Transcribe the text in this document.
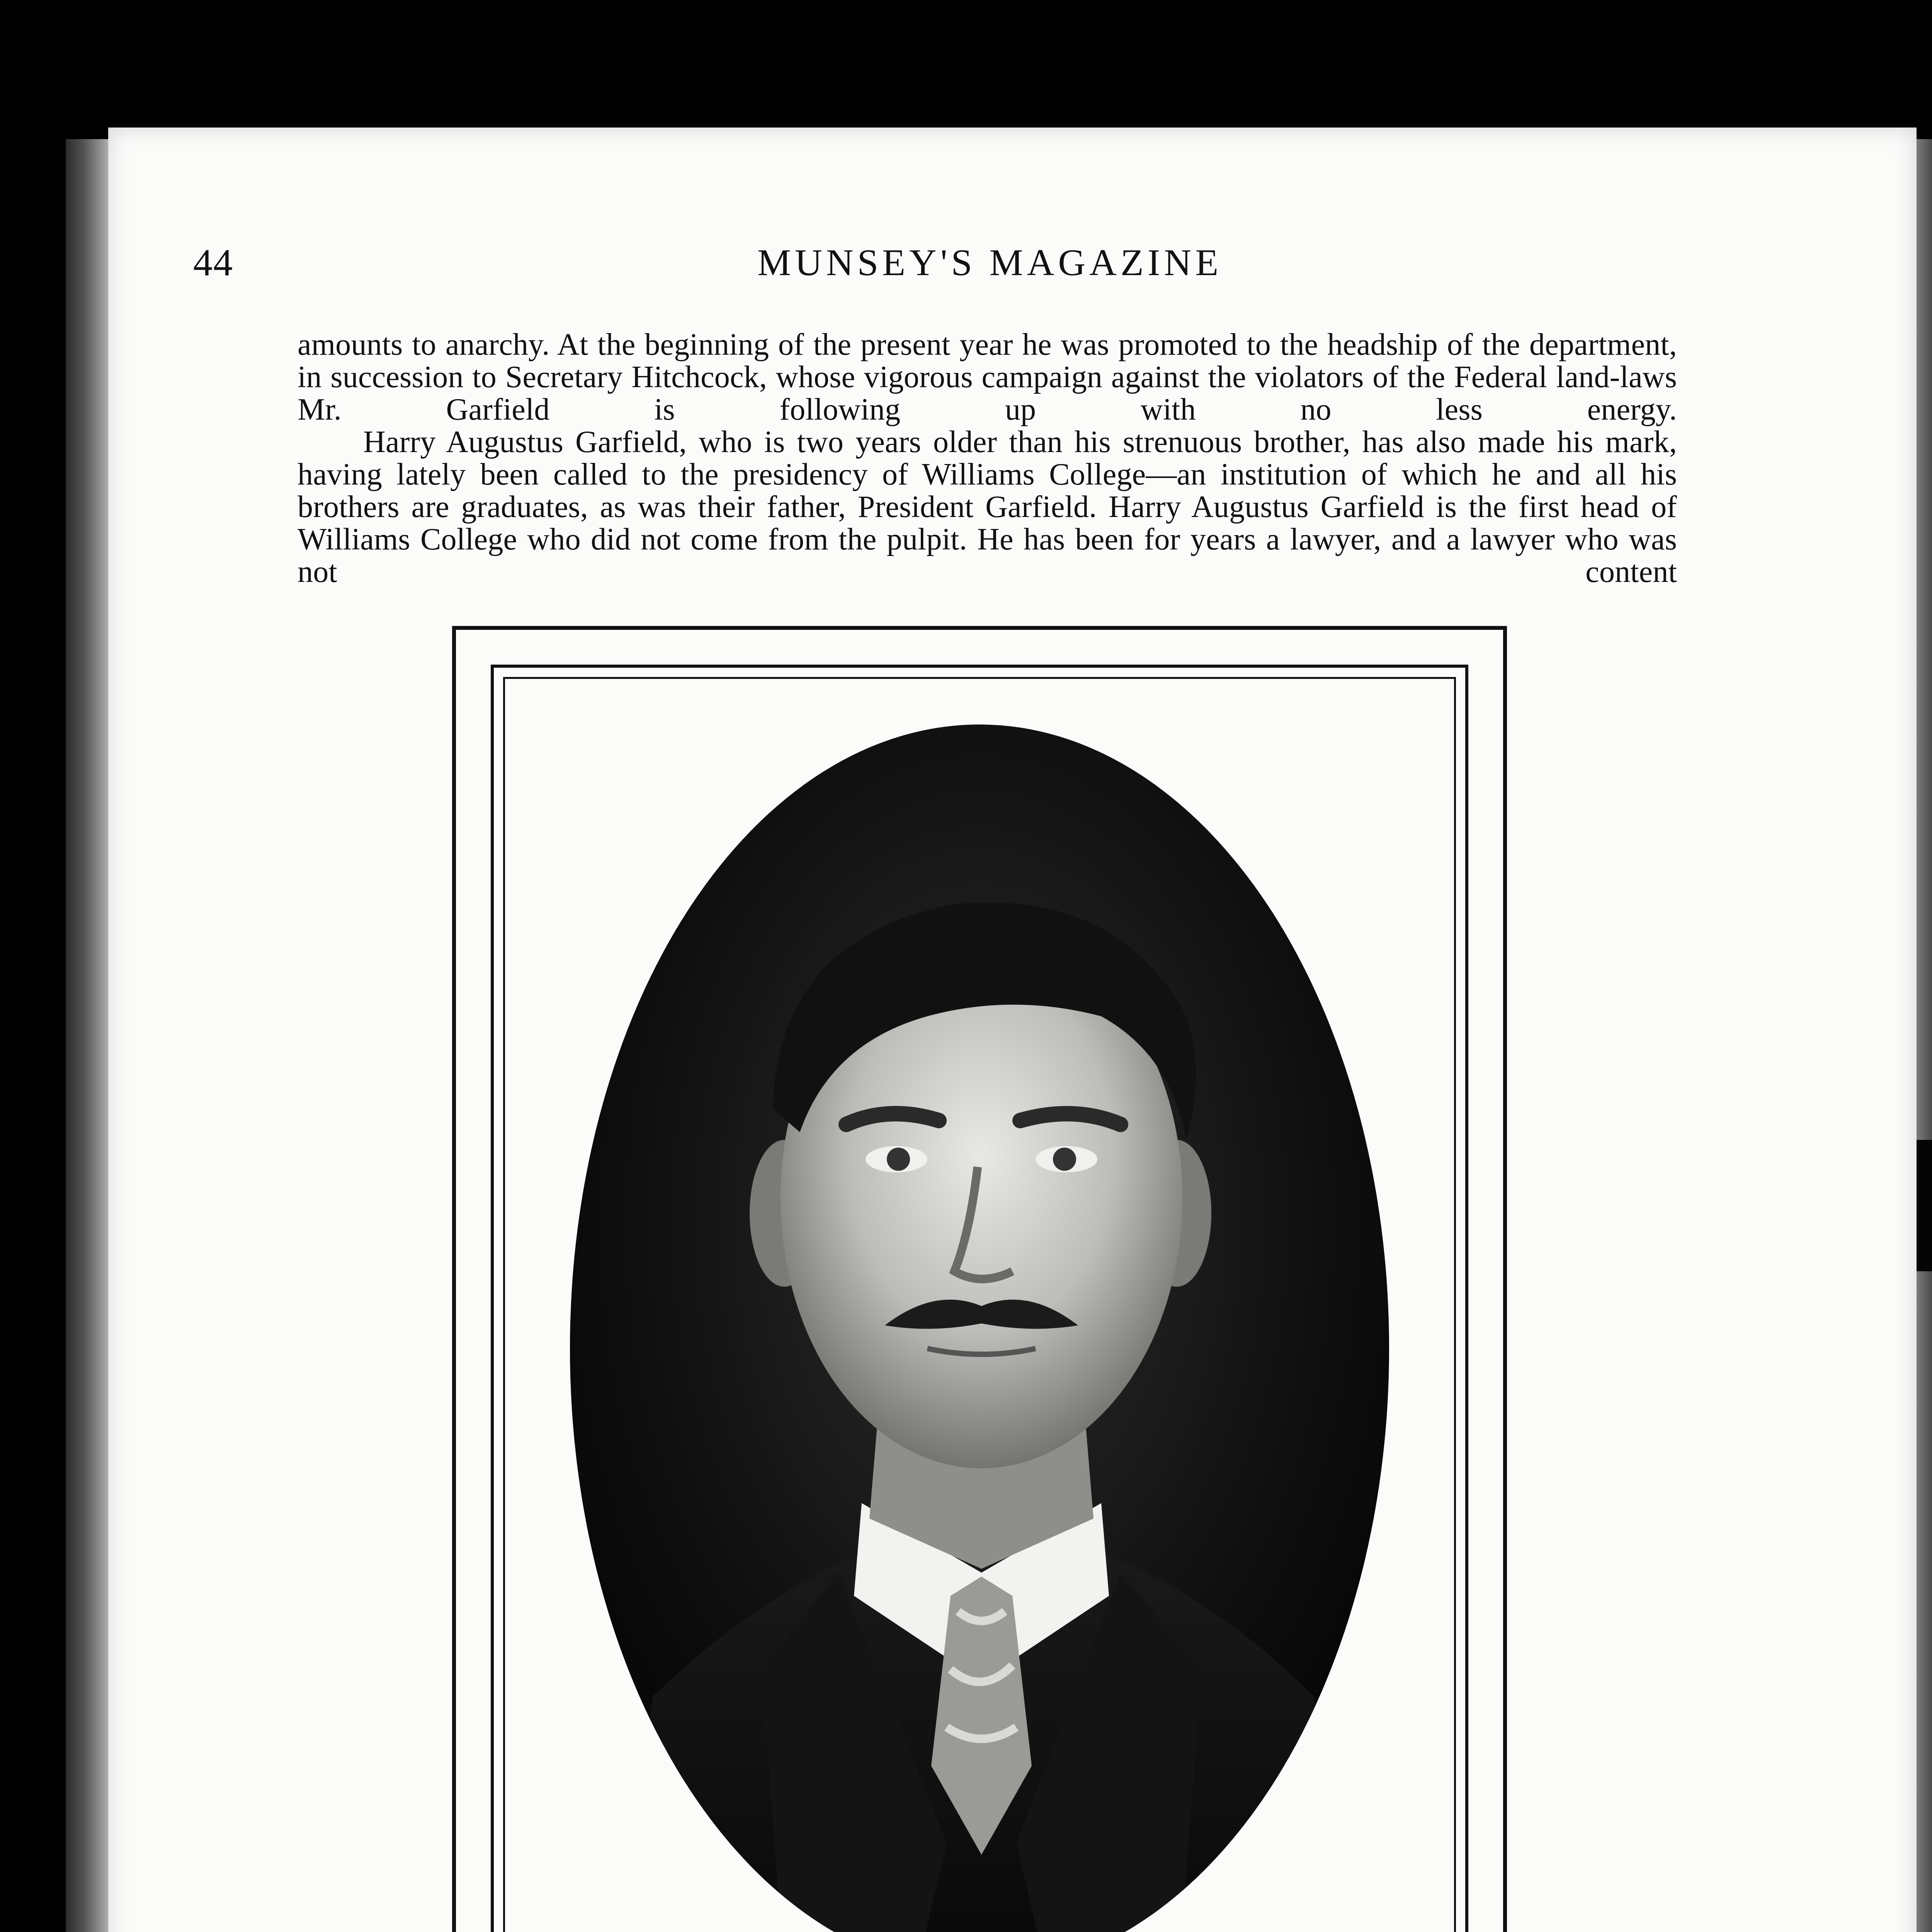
44	MUNSEY'S MAGAZINE

amounts to anarchy. At the beginning of the present year he was promoted to the headship of the department, in succession to Secretary Hitchcock, whose vigorous campaign against the violators of the Federal land-laws Mr. Garfield is following up with no less energy.

Harry Augustus Garfield, who is two years older than his strenuous brother, has also made his mark, having lately been called to the presidency of Williams College—an institution of which he and all his brothers are graduates, as was their father, President Garfield. Harry Augustus Garfield is the first head of Williams College who did not come from the pulpit. He has been for years a lawyer, and a lawyer who was not content
